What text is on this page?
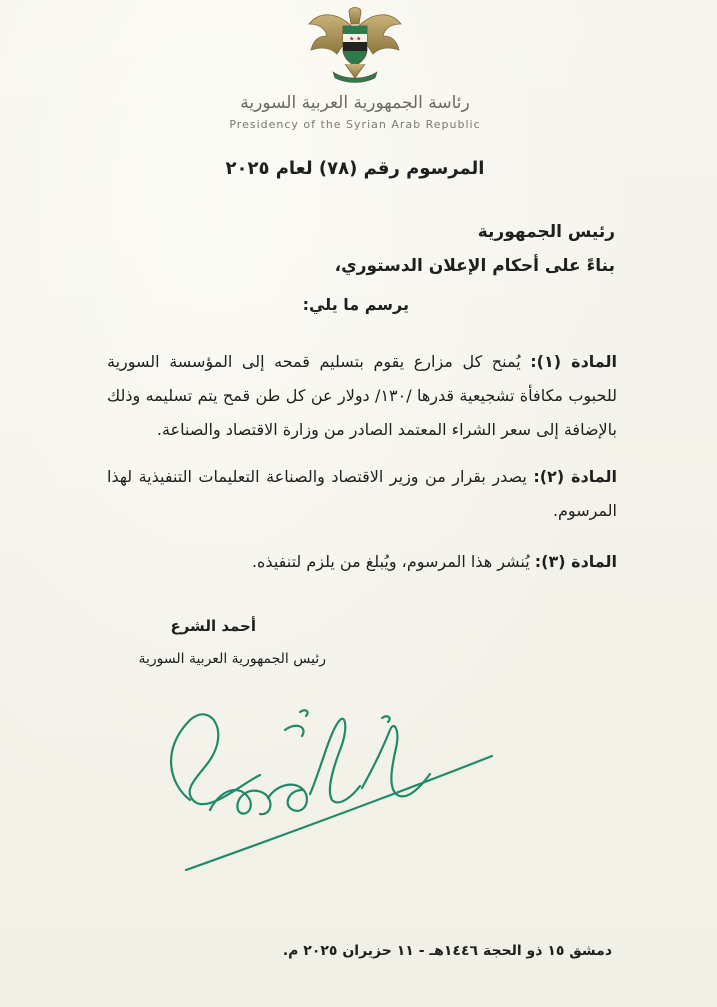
★ ★
رئاسة الجمهورية العربية السورية
Presidency of the Syrian Arab Republic
المرسوم رقم (٧٨) لعام ٢٠٢٥
رئيس الجمهورية
بناءً على أحكام الإعلان الدستوري،
يرسم ما يلي:
المادة (١): يُمنح كل مزارع يقوم بتسليم قمحه إلى المؤسسة السورية للحبوب مكافأة تشجيعية قدرها /١٣٠/ دولار عن كل طن قمح يتم تسليمه وذلك بالإضافة إلى سعر الشراء المعتمد الصادر من وزارة الاقتصاد والصناعة.
المادة (٢): يصدر بقرار من وزير الاقتصاد والصناعة التعليمات التنفيذية لهذا المرسوم.
المادة (٣): يُنشر هذا المرسوم، ويُبلغ من يلزم لتنفيذه.
أحمد الشرع
رئيس الجمهورية العربية السورية
دمشق ١٥ ذو الحجة ١٤٤٦هـ - ١١ حزيران ٢٠٢٥ م.
